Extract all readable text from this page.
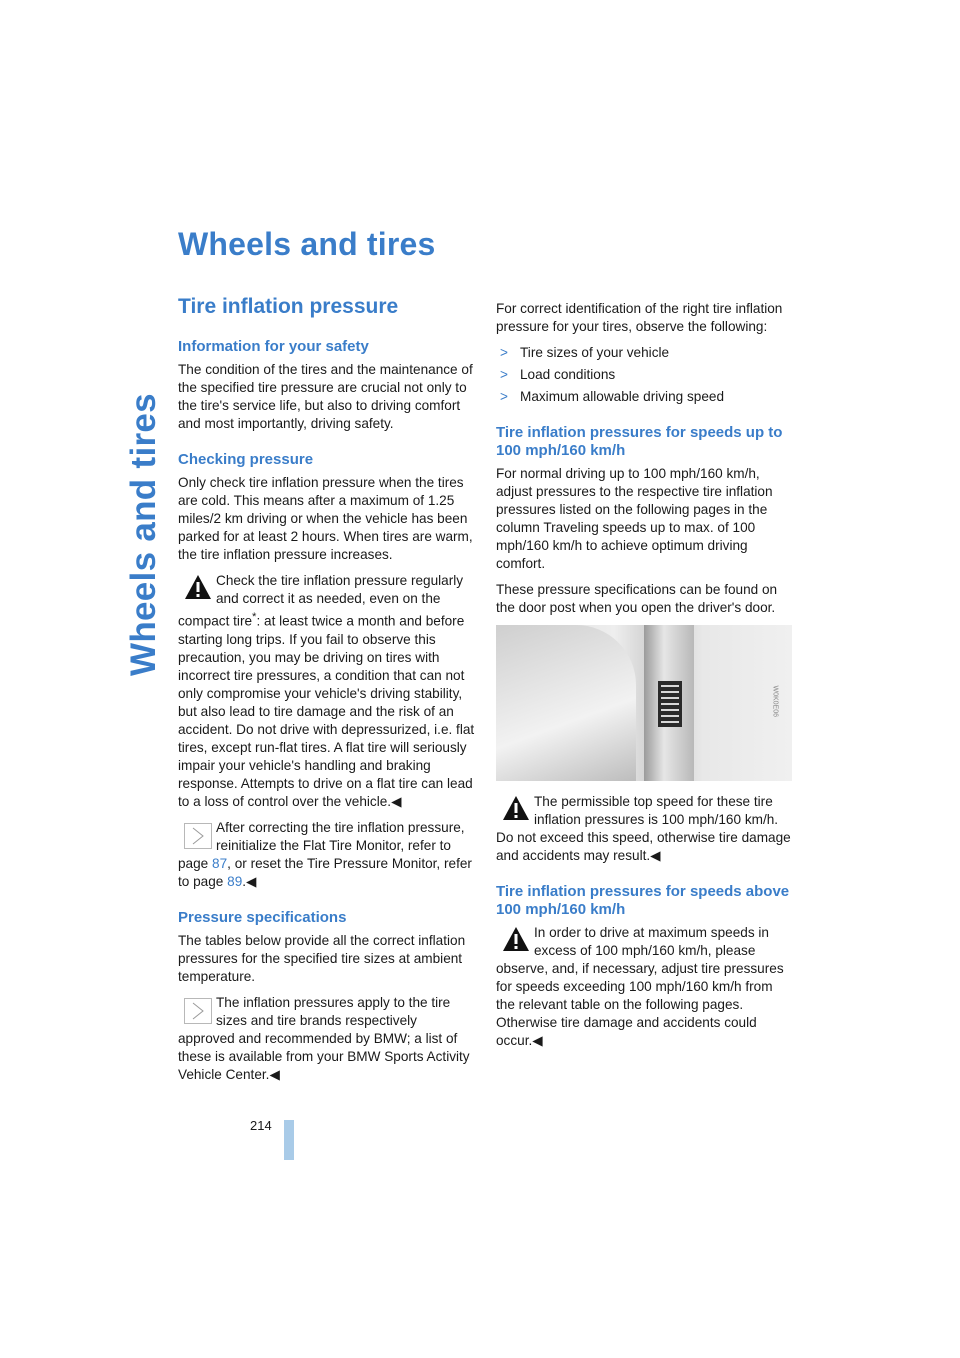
Wheels and tires
Wheels and tires
Tire inflation pressure
Information for your safety

The condition of the tires and the maintenance of the specified tire pressure are crucial not only to the tire's service life, but also to driving comfort and most importantly, driving safety.

Checking pressure

Only check tire inflation pressure when the tires are cold. This means after a maximum of 1.25 miles/2 km driving or when the vehicle has been parked for at least 2 hours. When tires are warm, the tire inflation pressure increases.

Check the tire inflation pressure regularly and correct it as needed, even on the
compact tire*: at least twice a month and before starting long trips. If you fail to observe this precaution, you may be driving on tires with incorrect tire pressures, a condition that can not only compromise your vehicle's driving stability, but also lead to tire damage and the risk of an accident. Do not drive with depressurized, i.e. flat tires, except run-flat tires. A flat tire will seriously impair your vehicle's handling and braking response. Attempts to drive on a flat tire can lead to a loss of control over the vehicle.◀

After correcting the tire inflation pressure, reinitialize the Flat Tire Monitor, refer to
page 87, or reset the Tire Pressure Monitor, refer to page 89.◀

Pressure specifications

The tables below provide all the correct inflation pressures for the specified tire sizes at ambient temperature.

The inflation pressures apply to the tire sizes and tire brands respectively
approved and recommended by BMW; a list of these is available from your BMW Sports Activity Vehicle Center.◀

For correct identification of the right tire inflation pressure for your tires, observe the following:

> Tire sizes of your vehicle
> Load conditions
> Maximum allowable driving speed
Tire inflation pressures for speeds up to 100 mph/160 km/h

For normal driving up to 100 mph/160 km/h, adjust pressures to the respective tire inflation pressures listed on the following pages in the column Traveling speeds up to max. of 100 mph/160 km/h to achieve optimum driving comfort.

These pressure specifications can be found on the door post when you open the driver's door.

W0K0E06

The permissible top speed for these tire inflation pressures is 100 mph/160 km/h.
Do not exceed this speed, otherwise tire damage and accidents may result.◀

Tire inflation pressures for speeds above 100 mph/160 km/h

In order to drive at maximum speeds in excess of 100 mph/160 km/h, please
observe, and, if necessary, adjust tire pressures for speeds exceeding 100 mph/160 km/h from the relevant table on the following pages. Otherwise tire damage and accidents could occur.◀

214
